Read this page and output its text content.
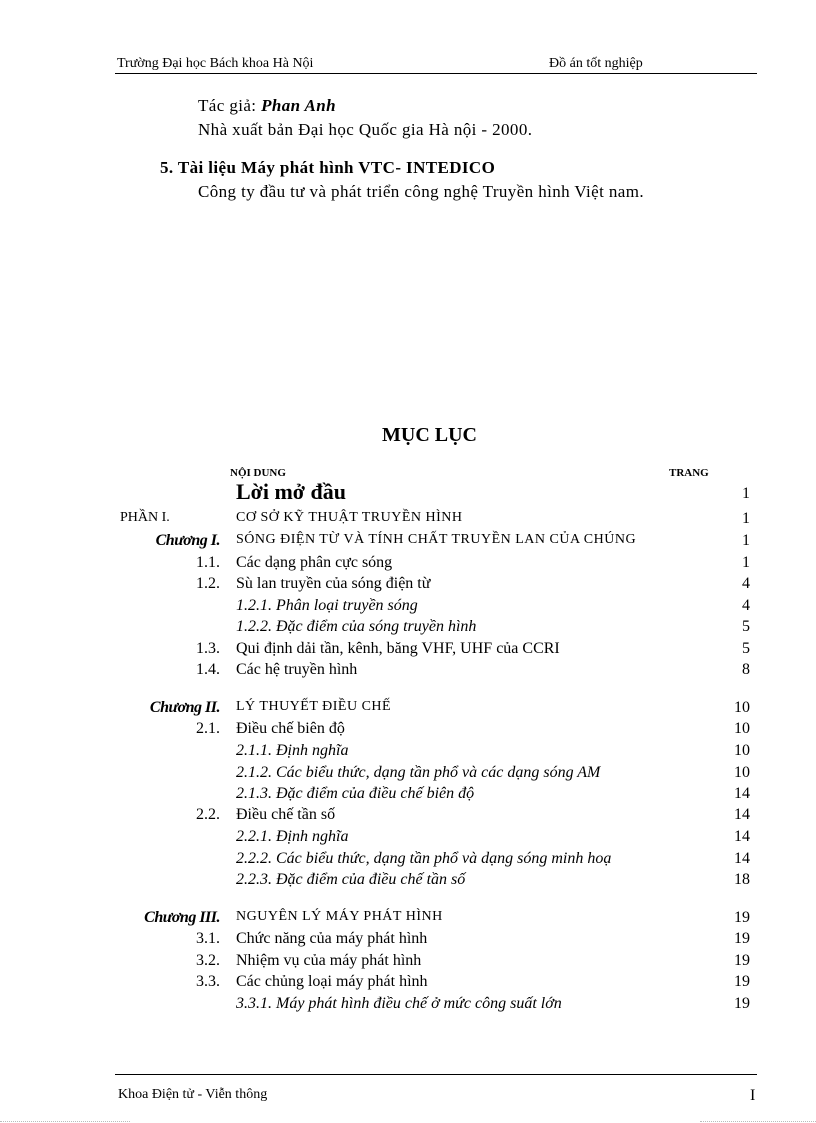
Trường Đại học Bách khoa Hà Nội	Đồ án tốt nghiệp
Tác giả: Phan Anh
Nhà xuất bản Đại học Quốc gia Hà nội - 2000.
5. Tài liệu Máy phát hình VTC- INTEDICO
Công ty đầu tư và phát triển công nghệ Truyền hình Việt nam.
MỤC LỤC
NỘI DUNG	TRANG
Lời mở đầu	1
PHẦN I.	CƠ SỞ KỸ THUẬT TRUYỀN HÌNH	1
Chương I. SÓNG ĐIỆN TỪ VÀ TÍNH CHẤT TRUYỀN LAN CỦA CHÚNG	1
1.1. Các dạng phân cực sóng	1
1.2. Sù lan truyền của sóng điện từ	4
1.2.1. Phân loại truyền sóng	4
1.2.2. Đặc điểm của sóng truyền hình	5
1.3. Qui định dải tần, kênh, băng VHF, UHF của CCRI	5
1.4. Các hệ truyền hình	8
Chương II. LÝ THUYẾT ĐIỀU CHẾ	10
2.1. Điều chế biên độ	10
2.1.1. Định nghĩa	10
2.1.2. Các biểu thức, dạng tần phổ và các dạng sóng AM	10
2.1.3. Đặc điểm của điều chế biên độ	14
2.2. Điều chế tần số	14
2.2.1. Định nghĩa	14
2.2.2. Các biểu thức, dạng tần phổ và dạng sóng minh hoạ	14
2.2.3. Đặc điểm của điều chế tần số	18
Chương III. NGUYÊN LÝ MÁY PHÁT HÌNH	19
3.1. Chức năng của máy phát hình	19
3.2. Nhiệm vụ của máy phát hình	19
3.3. Các chủng loại máy phát hình	19
3.3.1. Máy phát hình điều chế ở mức công suất lớn	19
Khoa Điện tử - Viễn thông	I
